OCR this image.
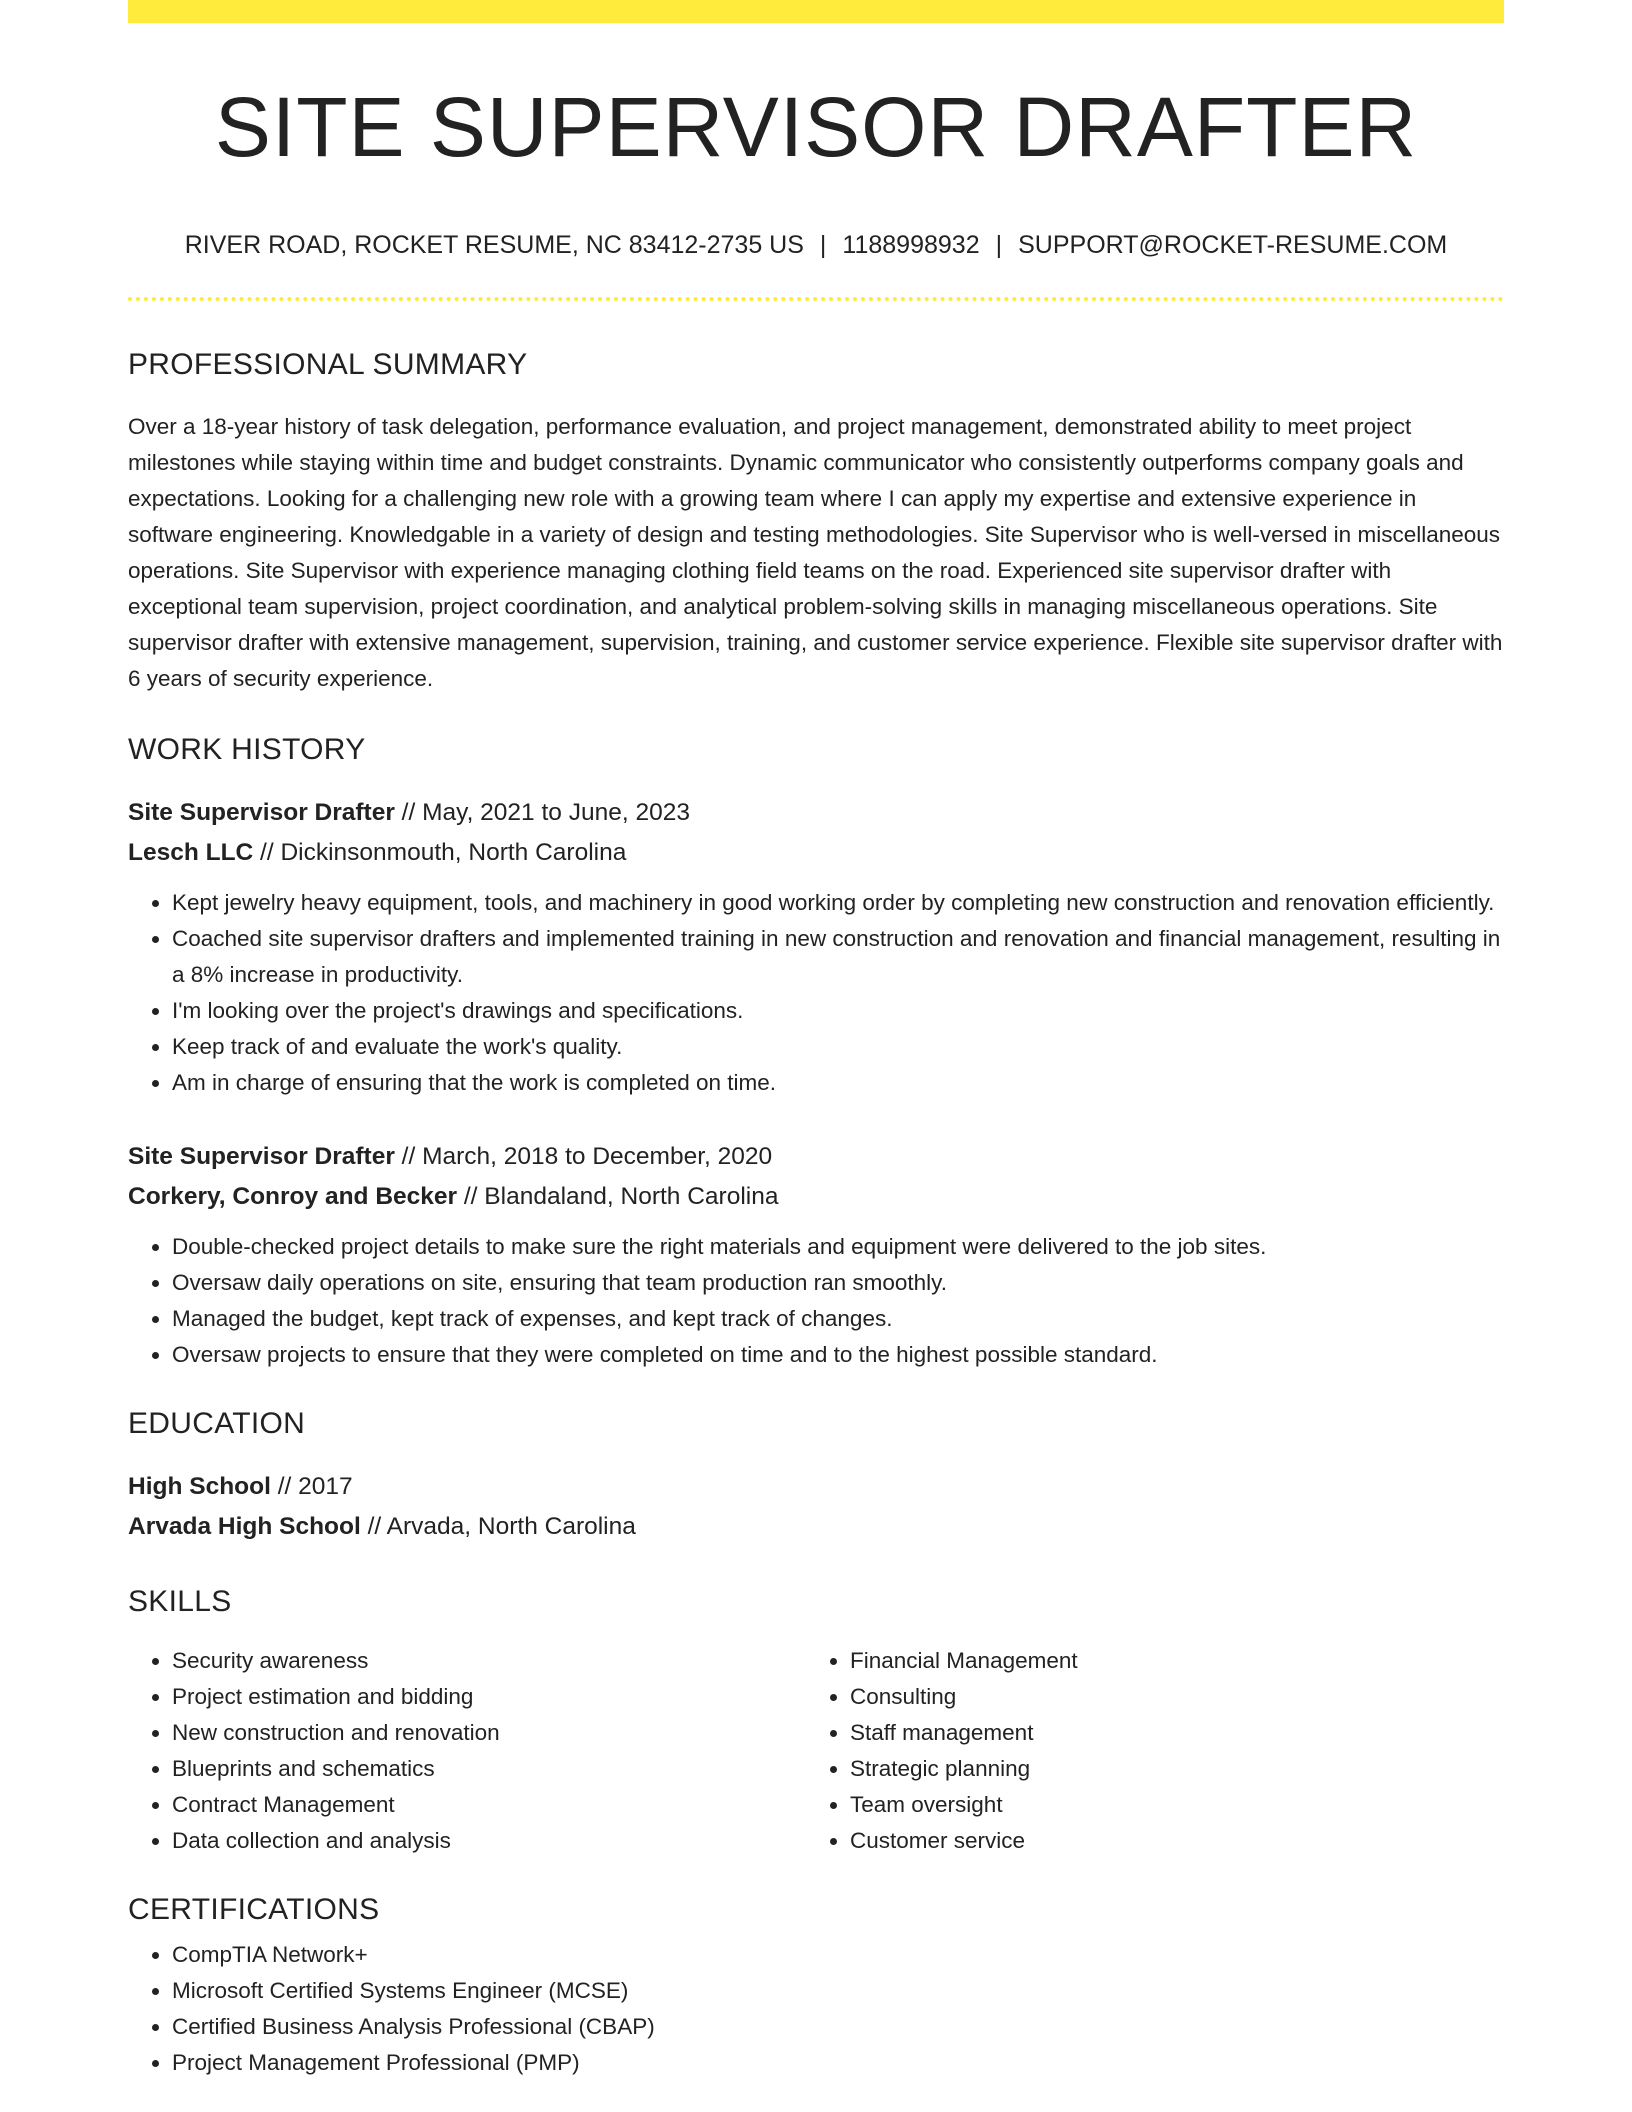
SITE SUPERVISOR DRAFTER
RIVER ROAD, ROCKET RESUME, NC 83412-2735 US | 1188998932 | SUPPORT@ROCKET-RESUME.COM
PROFESSIONAL SUMMARY

Over a 18-year history of task delegation, performance evaluation, and project management, demonstrated ability to meet project milestones while staying within time and budget constraints. Dynamic communicator who consistently outperforms company goals and expectations. Looking for a challenging new role with a growing team where I can apply my expertise and extensive experience in software engineering. Knowledgable in a variety of design and testing methodologies. Site Supervisor who is well-versed in miscellaneous operations. Site Supervisor with experience managing clothing field teams on the road. Experienced site supervisor drafter with exceptional team supervision, project coordination, and analytical problem-solving skills in managing miscellaneous operations. Site supervisor drafter with extensive management, supervision, training, and customer service experience. Flexible site supervisor drafter with 6 years of security experience.

WORK HISTORY
Site Supervisor Drafter // May, 2021 to June, 2023
Lesch LLC // Dickinsonmouth, North Carolina
• Kept jewelry heavy equipment, tools, and machinery in good working order by completing new construction and renovation efficiently.
• Coached site supervisor drafters and implemented training in new construction and renovation and financial management, resulting in a 8% increase in productivity.
• I'm looking over the project's drawings and specifications.
• Keep track of and evaluate the work's quality.
• Am in charge of ensuring that the work is completed on time.
Site Supervisor Drafter // March, 2018 to December, 2020
Corkery, Conroy and Becker // Blandaland, North Carolina
• Double-checked project details to make sure the right materials and equipment were delivered to the job sites.
• Oversaw daily operations on site, ensuring that team production ran smoothly.
• Managed the budget, kept track of expenses, and kept track of changes.
• Oversaw projects to ensure that they were completed on time and to the highest possible standard.
EDUCATION
High School // 2017
Arvada High School // Arvada, North Carolina
SKILLS
• Security awareness
• Project estimation and bidding
• New construction and renovation
• Blueprints and schematics
• Contract Management
• Data collection and analysis
• Financial Management
• Consulting
• Staff management
• Strategic planning
• Team oversight
• Customer service
CERTIFICATIONS
• CompTIA Network+
• Microsoft Certified Systems Engineer (MCSE)
• Certified Business Analysis Professional (CBAP)
• Project Management Professional (PMP)
